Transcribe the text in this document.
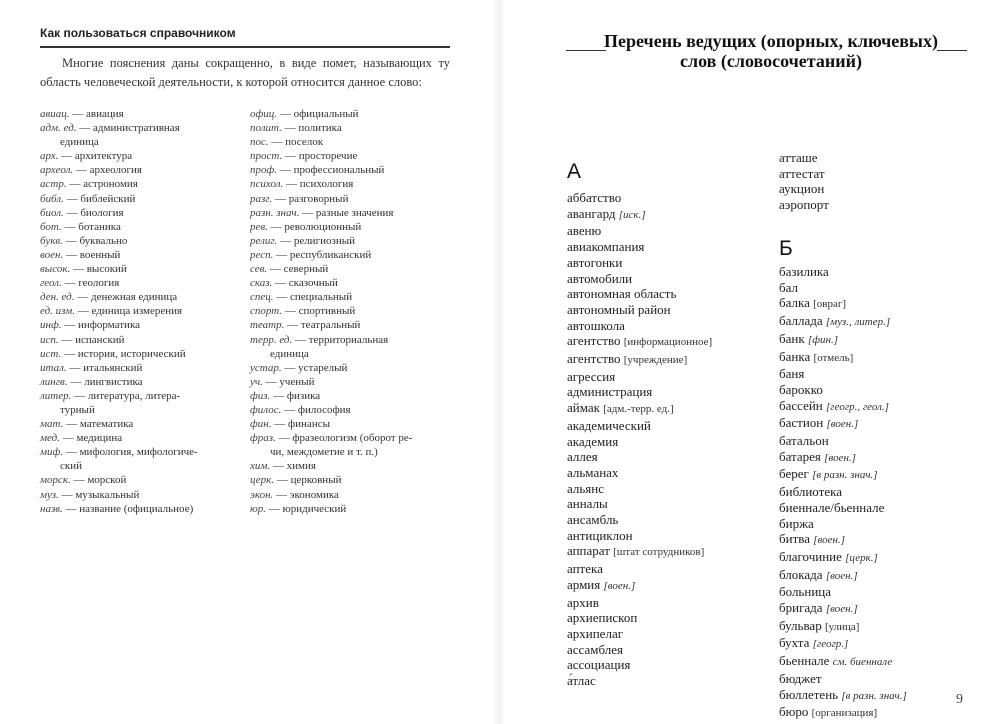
Как пользоваться справочником

Многие пояснения даны сокращенно, в виде помет, называющих ту область человеческой деятельности, к которой относится данное слово:

авиац. — авиация
адм. ед. — административная
единица
арх. — архитектура
археол. — археология
астр. — астрономия
библ. — библейский
биол. — биология
бот. — ботаника
букв. — буквально
воен. — военный
высок. — высокий
геол. — геология
ден. ед. — денежная единица
ед. изм. — единица измерения
инф. — информатика
исп. — испанский
ист. — история, исторический
итал. — итальянский
лингв. — лингвистика
литер. — литература, литера-
турный
мат. — математика
мед. — медицина
миф. — мифология, мифологиче-
ский
морск. — морской
муз. — музыкальный
назв. — название (официальное)
офиц. — официальный
полит. — политика
пос. — поселок
прост. — просторечие
проф. — профессиональный
психол. — психология
разг. — разговорный
разн. знач. — разные значения
рев. — революционный
религ. — религиозный
респ. — республиканский
сев. — северный
сказ. — сказочный
спец. — специальный
спорт. — спортивный
театр. — театральный
терр. ед. — территориальная
единица
устар. — устарелый
уч. — ученый
физ. — физика
филос. — философия
фин. — финансы
фраз. — фразеологизм (оборот ре-
чи, междометие и т. п.)
хим. — химия
церк. — церковный
экон. — экономика
юр. — юридический
Перечень ведущих (опорных, ключевых)
слов (словосочетаний)
А
аббатство
авангард [иск.]
авеню
авиакомпания
автогонки
автомобили
автономная область
автономный район
автошкола
агентство [информационное]
агентство [учреждение]
агрессия
администрация
аймак [адм.-терр. ед.]
академический
академия
аллея
альманах
альянс
анналы
ансамбль
антициклон
аппарат [штат сотрудников]
аптека
армия [воен.]
архив
архиепископ
архипелаг
ассамблея
ассоциация
а́тлас
атташе
аттестат
аукцион
аэропорт
Б
базилика
бал
балка [овраг]
баллада [муз., литер.]
банк [фин.]
банка [отмель]
баня
барокко
бассейн [геогр., геол.]
бастион [воен.]
батальон
батарея [воен.]
берег [в разн. знач.]
библиотека
биеннале/бьеннале
биржа
битва [воен.]
благочиние [церк.]
блокада [воен.]
больница
бригада [воен.]
бульвар [улица]
бухта [геогр.]
бьеннале см. биеннале
бюджет
бюллетень [в разн. знач.]
бюро [организация]
9
